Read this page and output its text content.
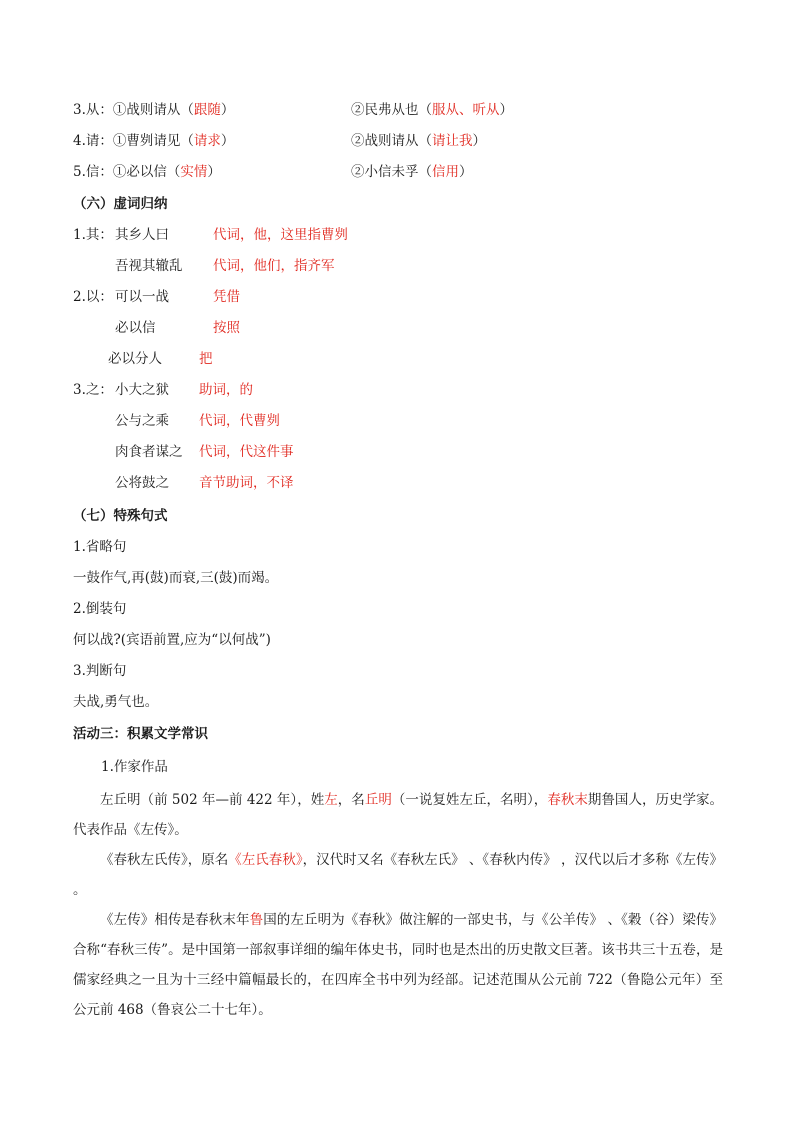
3.从：①战则请从（跟随）	②民弗从也（服从、听从）
4.请：①曹刿请见（请求）	②战则请从（请让我）
5.信：①必以信（实情）	②小信未孚（信用）
（六）虚词归纳
1.其： 其乡人曰	代词，他，这里指曹刿
吾视其辙乱 代词，他们，指齐军
2.以： 可以一战	凭借
必以信	按照
必以分人	把
3.之： 小大之狱 助词，的
公与之乘 代词，代曹刿
肉食者谋之 代词，代这件事
公将鼓之 音节助词，不译
（七）特殊句式
1.省略句
一鼓作气,再(鼓)而衰,三(鼓)而竭。
2.倒装句
何以战?(宾语前置,应为“以何战”)
3.判断句
夫战,勇气也。
活动三：积累文学常识
1.作家作品

左丘明（前 502 年—前 422 年），姓左，名丘明（一说复姓左丘，名明），春秋末期鲁国人，历史学家。代表作品《左传》。

《春秋左氏传》，原名《左氏春秋》，汉代时又名《春秋左氏》 、《春秋内传》 ，汉代以后才多称《左传》 。

《左传》相传是春秋末年鲁国的左丘明为《春秋》做注解的一部史书，与《公羊传》 、《穀（谷）梁传》合称“春秋三传”。是中国第一部叙事详细的编年体史书，同时也是杰出的历史散文巨著。该书共三十五卷，是儒家经典之一且为十三经中篇幅最长的，在四库全书中列为经部。记述范围从公元前 722（鲁隐公元年）至公元前 468（鲁哀公二十七年）。
